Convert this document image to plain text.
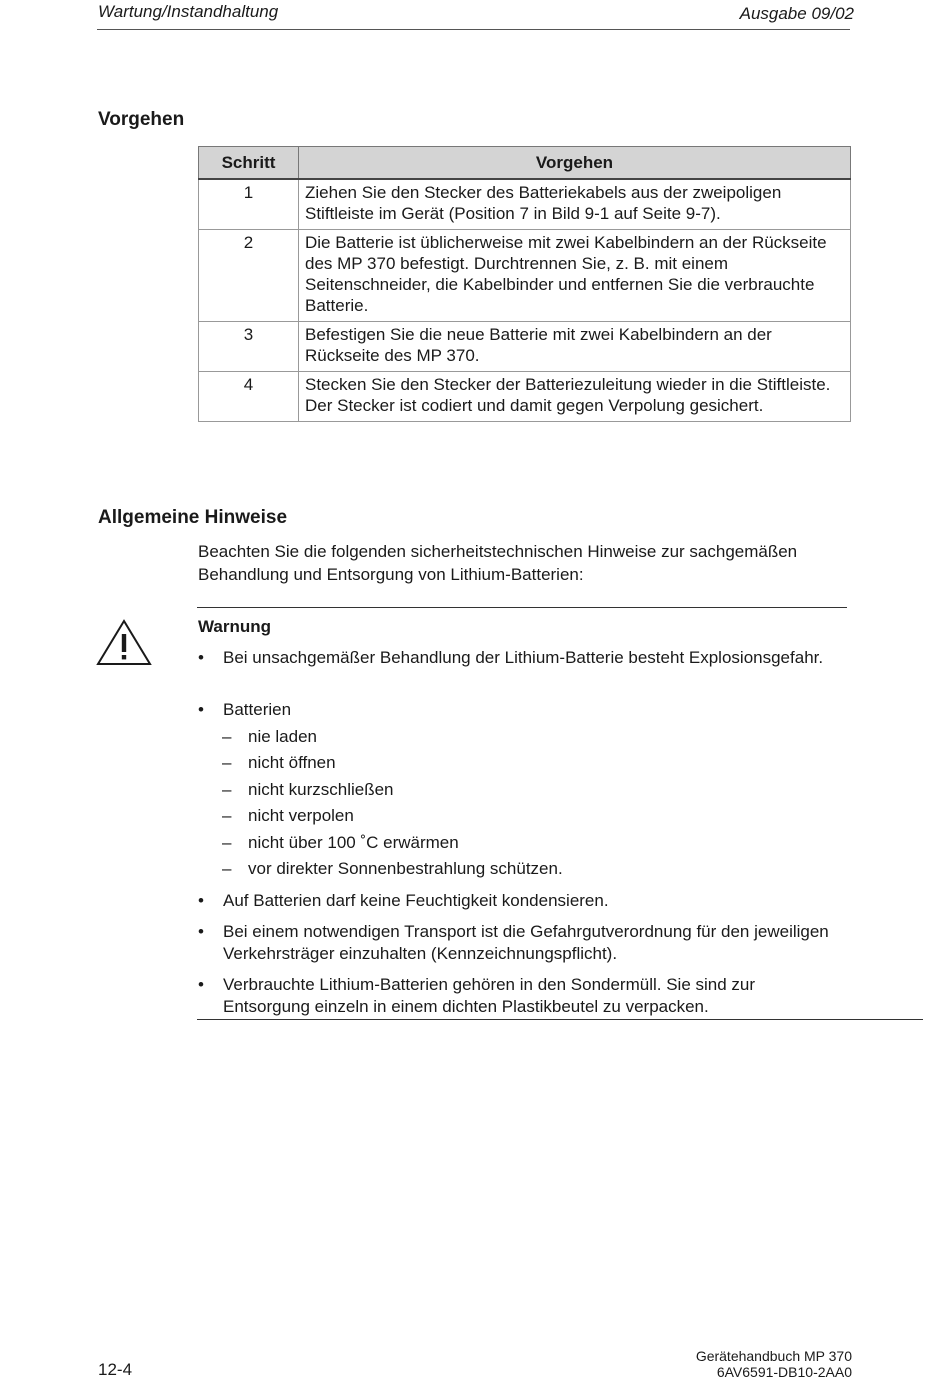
Wartung/Instandhaltung	Ausgabe 09/02
Vorgehen
Schritt	Vorgehen
1	Ziehen Sie den Stecker des Batteriekabels aus der zweipoligen Stiftleiste im Gerät (Position 7 in Bild 9-1 auf Seite 9-7).
2	Die Batterie ist üblicherweise mit zwei Kabelbindern an der Rückseite des MP 370 befestigt. Durchtrennen Sie, z. B. mit einem Seitenschneider, die Kabelbinder und entfernen Sie die verbrauchte Batterie.
3	Befestigen Sie die neue Batterie mit zwei Kabelbindern an der Rückseite des MP 370.
4	Stecken Sie den Stecker der Batteriezuleitung wieder in die Stiftleiste. Der Stecker ist codiert und damit gegen Verpolung gesichert.
Allgemeine Hinweise
Beachten Sie die folgenden sicherheitstechnischen Hinweise zur sachgemäßen Behandlung und Entsorgung von Lithium-Batterien:
Warnung
• Bei unsachgemäßer Behandlung der Lithium-Batterie besteht Explosionsgefahr.
• Batterien
– nie laden
– nicht öffnen
– nicht kurzschließen
– nicht verpolen
– nicht über 100 ˚C erwärmen
– vor direkter Sonnenbestrahlung schützen.
• Auf Batterien darf keine Feuchtigkeit kondensieren.
• Bei einem notwendigen Transport ist die Gefahrgutverordnung für den jeweiligen Verkehrsträger einzuhalten (Kennzeichnungspflicht).
• Verbrauchte Lithium-Batterien gehören in den Sondermüll. Sie sind zur Entsorgung einzeln in einem dichten Plastikbeutel zu verpacken.
12-4
Gerätehandbuch MP 370
6AV6591-DB10-2AA0
